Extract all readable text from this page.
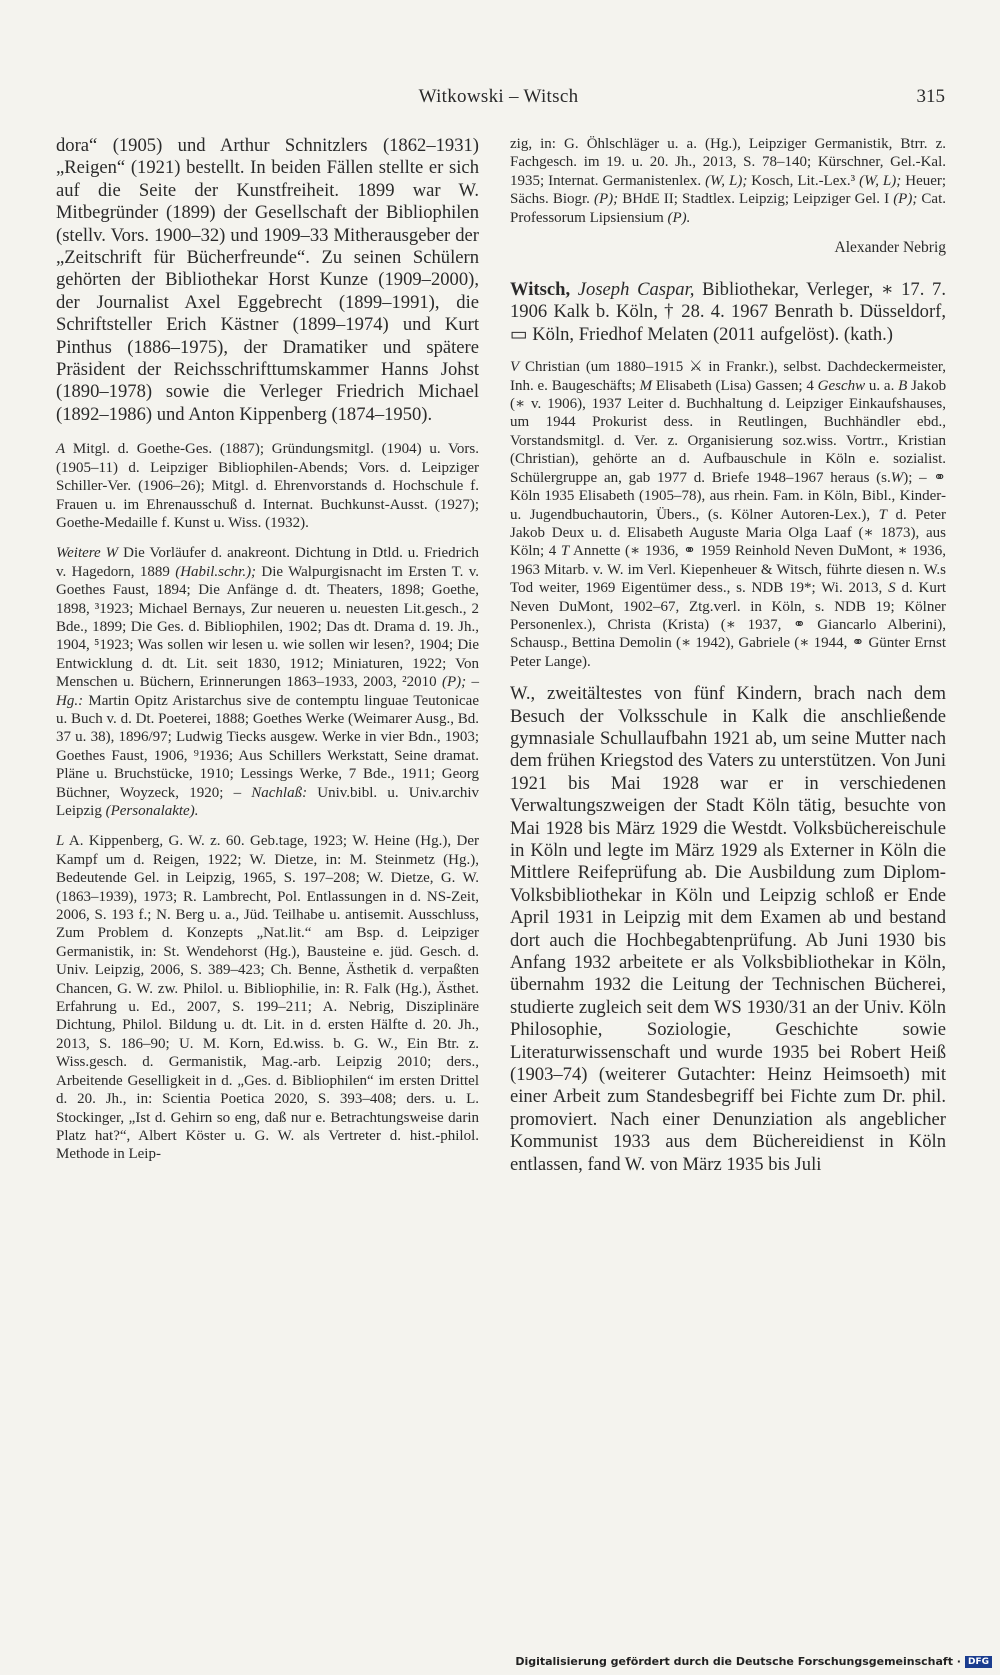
Witkowski – Witsch	315

dora“ (1905) und Arthur Schnitzlers (1862–1931) „Reigen“ (1921) bestellt. In beiden Fällen stellte er sich auf die Seite der Kunstfreiheit. 1899 war W. Mitbegründer (1899) der Gesellschaft der Bibliophilen (stellv. Vors. 1900–32) und 1909–33 Mitherausgeber der „Zeitschrift für Bücherfreunde“. Zu seinen Schülern gehörten der Bibliothekar Horst Kunze (1909–2000), der Journalist Axel Eggebrecht (1899–1991), die Schriftsteller Erich Kästner (1899–1974) und Kurt Pinthus (1886–1975), der Dramatiker und spätere Präsident der Reichsschrifttumskammer Hanns Johst (1890–1978) sowie die Verleger Friedrich Michael (1892–1986) und Anton Kippenberg (1874–1950).

A Mitgl. d. Goethe-Ges. (1887); Gründungsmitgl. (1904) u. Vors. (1905–11) d. Leipziger Bibliophilen-Abends; Vors. d. Leipziger Schiller-Ver. (1906–26); Mitgl. d. Ehrenvorstands d. Hochschule f. Frauen u. im Ehrenausschuß d. Internat. Buchkunst-Ausst. (1927); Goethe-Medaille f. Kunst u. Wiss. (1932).

Weitere W Die Vorläufer d. anakreont. Dichtung in Dtld. u. Friedrich v. Hagedorn, 1889 (Habil.schr.); Die Walpurgisnacht im Ersten T. v. Goethes Faust, 1894; Die Anfänge d. dt. Theaters, 1898; Goethe, 1898, ³1923; Michael Bernays, Zur neueren u. neuesten Lit.gesch., 2 Bde., 1899; Die Ges. d. Bibliophilen, 1902; Das dt. Drama d. 19. Jh., 1904, ⁵1923; Was sollen wir lesen u. wie sollen wir lesen?, 1904; Die Entwicklung d. dt. Lit. seit 1830, 1912; Miniaturen, 1922; Von Menschen u. Büchern, Erinnerungen 1863–1933, 2003, ²2010 (P); – Hg.: Martin Opitz Aristarchus sive de contemptu linguae Teutonicae u. Buch v. d. Dt. Poeterei, 1888; Goethes Werke (Weimarer Ausg., Bd. 37 u. 38), 1896/97; Ludwig Tiecks ausgew. Werke in vier Bdn., 1903; Goethes Faust, 1906, ⁹1936; Aus Schillers Werkstatt, Seine dramat. Pläne u. Bruchstücke, 1910; Lessings Werke, 7 Bde., 1911; Georg Büchner, Woyzeck, 1920; – Nachlaß: Univ.bibl. u. Univ.archiv Leipzig (Personalakte).

L A. Kippenberg, G. W. z. 60. Geb.tage, 1923; W. Heine (Hg.), Der Kampf um d. Reigen, 1922; W. Dietze, in: M. Steinmetz (Hg.), Bedeutende Gel. in Leipzig, 1965, S. 197–208; W. Dietze, G. W. (1863–1939), 1973; R. Lambrecht, Pol. Entlassungen in d. NS-Zeit, 2006, S. 193 f.; N. Berg u. a., Jüd. Teilhabe u. antisemit. Ausschluss, Zum Problem d. Konzepts „Nat.lit.“ am Bsp. d. Leipziger Germanistik, in: St. Wendehorst (Hg.), Bausteine e. jüd. Gesch. d. Univ. Leipzig, 2006, S. 389–423; Ch. Benne, Ästhetik d. verpaßten Chancen, G. W. zw. Philol. u. Bibliophilie, in: R. Falk (Hg.), Ästhet. Erfahrung u. Ed., 2007, S. 199–211; A. Nebrig, Disziplinäre Dichtung, Philol. Bildung u. dt. Lit. in d. ersten Hälfte d. 20. Jh., 2013, S. 186–90; U. M. Korn, Ed.wiss. b. G. W., Ein Btr. z. Wiss.gesch. d. Germanistik, Mag.-arb. Leipzig 2010; ders., Arbeitende Geselligkeit in d. „Ges. d. Bibliophilen“ im ersten Drittel d. 20. Jh., in: Scientia Poetica 2020, S. 393–408; ders. u. L. Stockinger, „Ist d. Gehirn so eng, daß nur e. Betrachtungsweise darin Platz hat?“, Albert Köster u. G. W. als Vertreter d. hist.-philol. Methode in Leip-

zig, in: G. Öhlschläger u. a. (Hg.), Leipziger Germanistik, Btrr. z. Fachgesch. im 19. u. 20. Jh., 2013, S. 78–140; Kürschner, Gel.-Kal. 1935; Internat. Germanistenlex. (W, L); Kosch, Lit.-Lex.³ (W, L); Heuer; Sächs. Biogr. (P); BHdE II; Stadtlex. Leipzig; Leipziger Gel. I (P); Cat. Professorum Lipsiensium (P).

Alexander Nebrig

Witsch, Joseph Caspar, Bibliothekar, Verleger, ∗ 17. 7. 1906 Kalk b. Köln, † 28. 4. 1967 Benrath b. Düsseldorf, ▭ Köln, Friedhof Melaten (2011 aufgelöst). (kath.)

V Christian (um 1880–1915 ⚔ in Frankr.), selbst. Dachdeckermeister, Inh. e. Baugeschäfts; M Elisabeth (Lisa) Gassen; 4 Geschw u. a. B Jakob (∗ v. 1906), 1937 Leiter d. Buchhaltung d. Leipziger Einkaufshauses, um 1944 Prokurist dess. in Reutlingen, Buchhändler ebd., Vorstandsmitgl. d. Ver. z. Organisierung soz.wiss. Vortrr., Kristian (Christian), gehörte an d. Aufbauschule in Köln e. sozialist. Schülergruppe an, gab 1977 d. Briefe 1948–1967 heraus (s.W); – ⚭ Köln 1935 Elisabeth (1905–78), aus rhein. Fam. in Köln, Bibl., Kinder- u. Jugendbuchautorin, Übers., (s. Kölner Autoren-Lex.), T d. Peter Jakob Deux u. d. Elisabeth Auguste Maria Olga Laaf (∗ 1873), aus Köln; 4 T Annette (∗ 1936, ⚭ 1959 Reinhold Neven DuMont, ∗ 1936, 1963 Mitarb. v. W. im Verl. Kiepenheuer & Witsch, führte diesen n. W.s Tod weiter, 1969 Eigentümer dess., s. NDB 19*; Wi. 2013, S d. Kurt Neven DuMont, 1902–67, Ztg.verl. in Köln, s. NDB 19; Kölner Personenlex.), Christa (Krista) (∗ 1937, ⚭ Giancarlo Alberini), Schausp., Bettina Demolin (∗ 1942), Gabriele (∗ 1944, ⚭ Günter Ernst Peter Lange).

W., zweitältestes von fünf Kindern, brach nach dem Besuch der Volksschule in Kalk die anschließende gymnasiale Schullaufbahn 1921 ab, um seine Mutter nach dem frühen Kriegstod des Vaters zu unterstützen. Von Juni 1921 bis Mai 1928 war er in verschiedenen Verwaltungszweigen der Stadt Köln tätig, besuchte von Mai 1928 bis März 1929 die Westdt. Volksbüchereischule in Köln und legte im März 1929 als Externer in Köln die Mittlere Reifeprüfung ab. Die Ausbildung zum Diplom-Volksbibliothekar in Köln und Leipzig schloß er Ende April 1931 in Leipzig mit dem Examen ab und bestand dort auch die Hochbegabtenprüfung. Ab Juni 1930 bis Anfang 1932 arbeitete er als Volksbibliothekar in Köln, übernahm 1932 die Leitung der Technischen Bücherei, studierte zugleich seit dem WS 1930/31 an der Univ. Köln Philosophie, Soziologie, Geschichte sowie Literaturwissenschaft und wurde 1935 bei Robert Heiß (1903–74) (weiterer Gutachter: Heinz Heimsoeth) mit einer Arbeit zum Standesbegriff bei Fichte zum Dr. phil. promoviert. Nach einer Denunziation als angeblicher Kommunist 1933 aus dem Büchereidienst in Köln entlassen, fand W. von März 1935 bis Juli

Digitalisierung gefördert durch die Deutsche Forschungsgemeinschaft · DFG
